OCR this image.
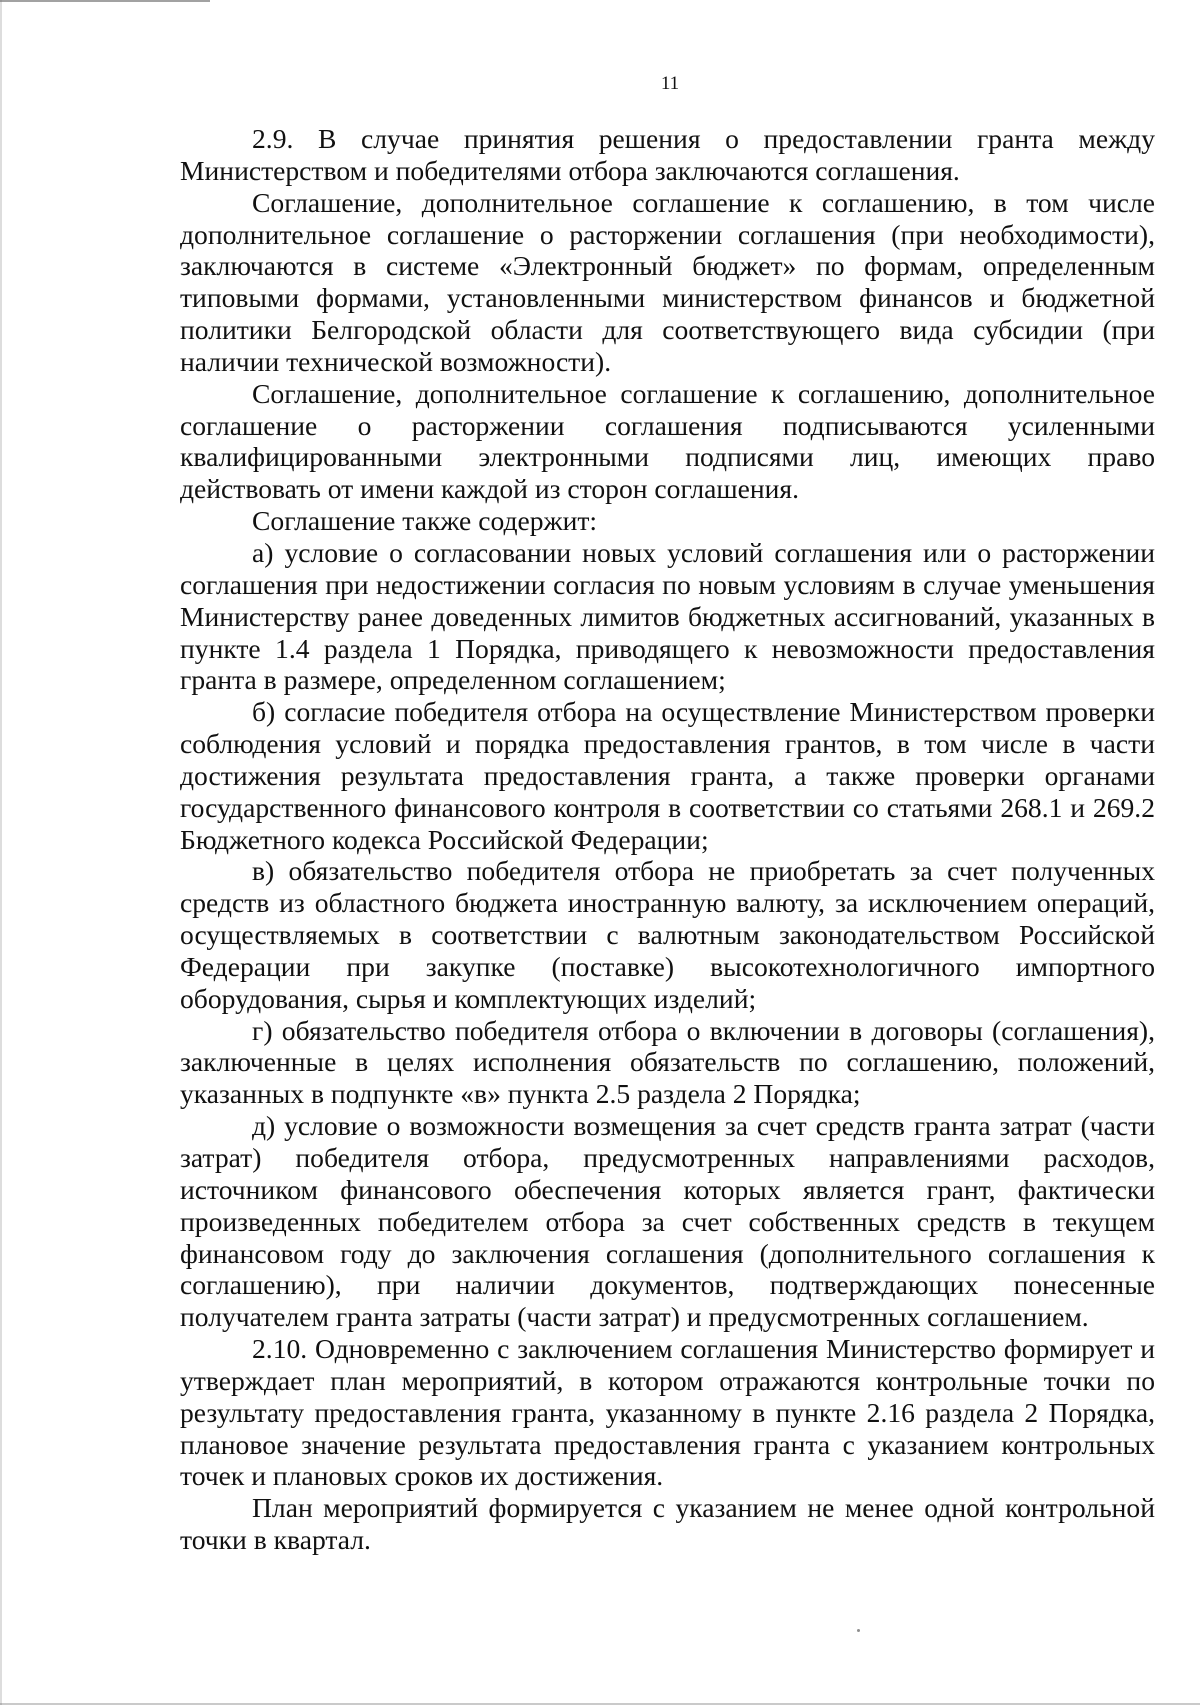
11

2.9. В случае принятия решения о предоставлении гранта между Министерством и победителями отбора заключаются соглашения.

Соглашение, дополнительное соглашение к соглашению, в том числе дополнительное соглашение о расторжении соглашения (при необходимости), заключаются в системе «Электронный бюджет» по формам, определенным типовыми формами, установленными министерством финансов и бюджетной политики Белгородской области для соответствующего вида субсидии (при наличии технической возможности).

Соглашение, дополнительное соглашение к соглашению, дополнительное соглашение о расторжении соглашения подписываются усиленными квалифицированными электронными подписями лиц, имеющих право действовать от имени каждой из сторон соглашения.

Соглашение также содержит:

а) условие о согласовании новых условий соглашения или о расторжении соглашения при недостижении согласия по новым условиям в случае уменьшения Министерству ранее доведенных лимитов бюджетных ассигнований, указанных в пункте 1.4 раздела 1 Порядка, приводящего к невозможности предоставления гранта в размере, определенном соглашением;

б) согласие победителя отбора на осуществление Министерством проверки соблюдения условий и порядка предоставления грантов, в том числе в части достижения результата предоставления гранта, а также проверки органами государственного финансового контроля в соответствии со статьями 268.1 и 269.2 Бюджетного кодекса Российской Федерации;

в) обязательство победителя отбора не приобретать за счет полученных средств из областного бюджета иностранную валюту, за исключением операций, осуществляемых в соответствии с валютным законодательством Российской Федерации при закупке (поставке) высокотехнологичного импортного оборудования, сырья и комплектующих изделий;

г) обязательство победителя отбора о включении в договоры (соглашения), заключенные в целях исполнения обязательств по соглашению, положений, указанных в подпункте «в» пункта 2.5 раздела 2 Порядка;

д) условие о возможности возмещения за счет средств гранта затрат (части затрат) победителя отбора, предусмотренных направлениями расходов, источником финансового обеспечения которых является грант, фактически произведенных победителем отбора за счет собственных средств в текущем финансовом году до заключения соглашения (дополнительного соглашения к соглашению), при наличии документов, подтверждающих понесенные получателем гранта затраты (части затрат) и предусмотренных соглашением.

2.10. Одновременно с заключением соглашения Министерство формирует и утверждает план мероприятий, в котором отражаются контрольные точки по результату предоставления гранта, указанному в пункте 2.16 раздела 2 Порядка, плановое значение результата предоставления гранта с указанием контрольных точек и плановых сроков их достижения.

План мероприятий формируется с указанием не менее одной контрольной точки в квартал.
